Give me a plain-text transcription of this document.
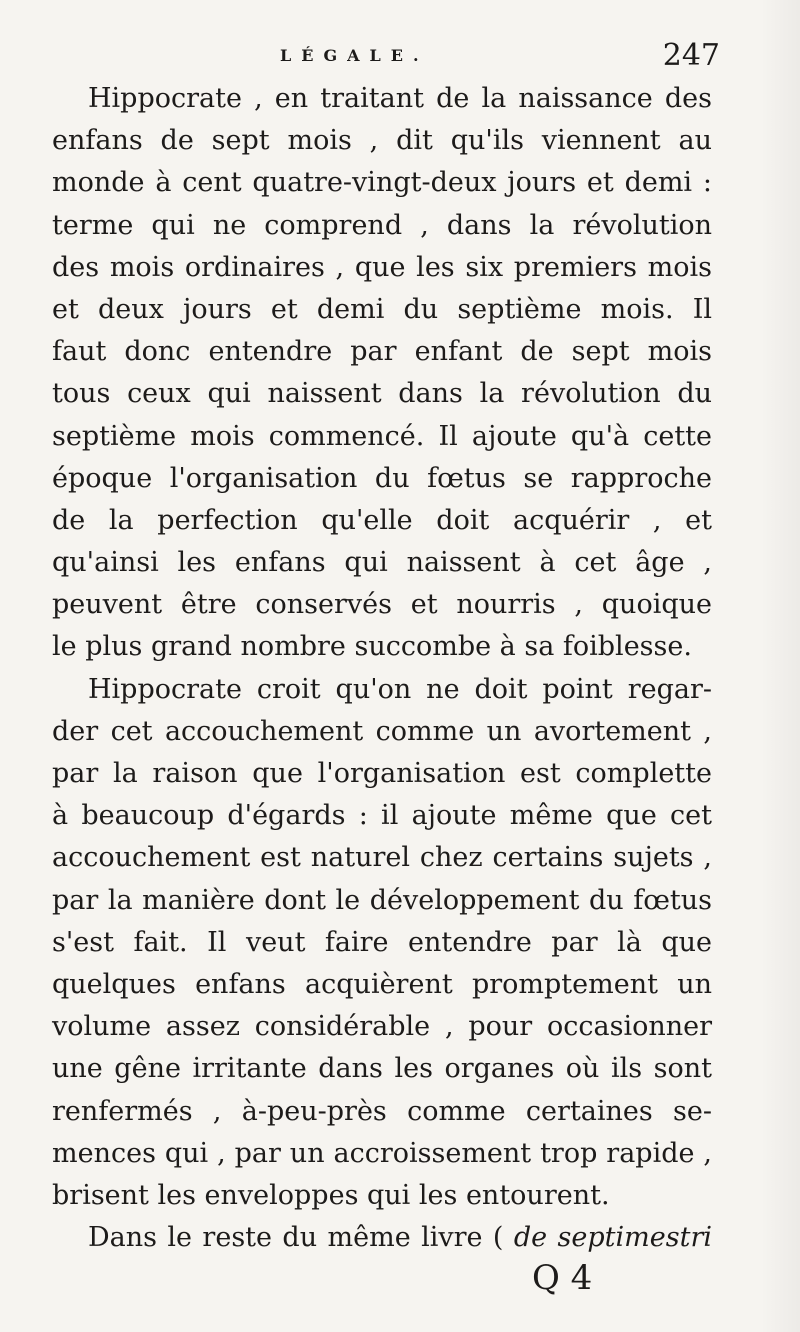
LÉGALE.	247
Hippocrate , en traitant de la naissance des
enfans de sept mois , dit qu'ils viennent au
monde à cent quatre-vingt-deux jours et demi :
terme qui ne comprend , dans la révolution
des mois ordinaires , que les six premiers mois
et deux jours et demi du septième mois. Il
faut donc entendre par enfant de sept mois
tous ceux qui naissent dans la révolution du
septième mois commencé. Il ajoute qu'à cette
époque l'organisation du fœtus se rapproche
de la perfection qu'elle doit acquérir , et
qu'ainsi les enfans qui naissent à cet âge ,
peuvent être conservés et nourris , quoique
le plus grand nombre succombe à sa foiblesse.
Hippocrate croit qu'on ne doit point regar-
der cet accouchement comme un avortement ,
par la raison que l'organisation est complette
à beaucoup d'égards : il ajoute même que cet
accouchement est naturel chez certains sujets ,
par la manière dont le développement du fœtus
s'est fait. Il veut faire entendre par là que
quelques enfans acquièrent promptement un
volume assez considérable , pour occasionner
une gêne irritante dans les organes où ils sont
renfermés , à-peu-près comme certaines se-
mences qui , par un accroissement trop rapide ,
brisent les enveloppes qui les entourent.
Dans le reste du même livre ( de septimestri
Q 4
